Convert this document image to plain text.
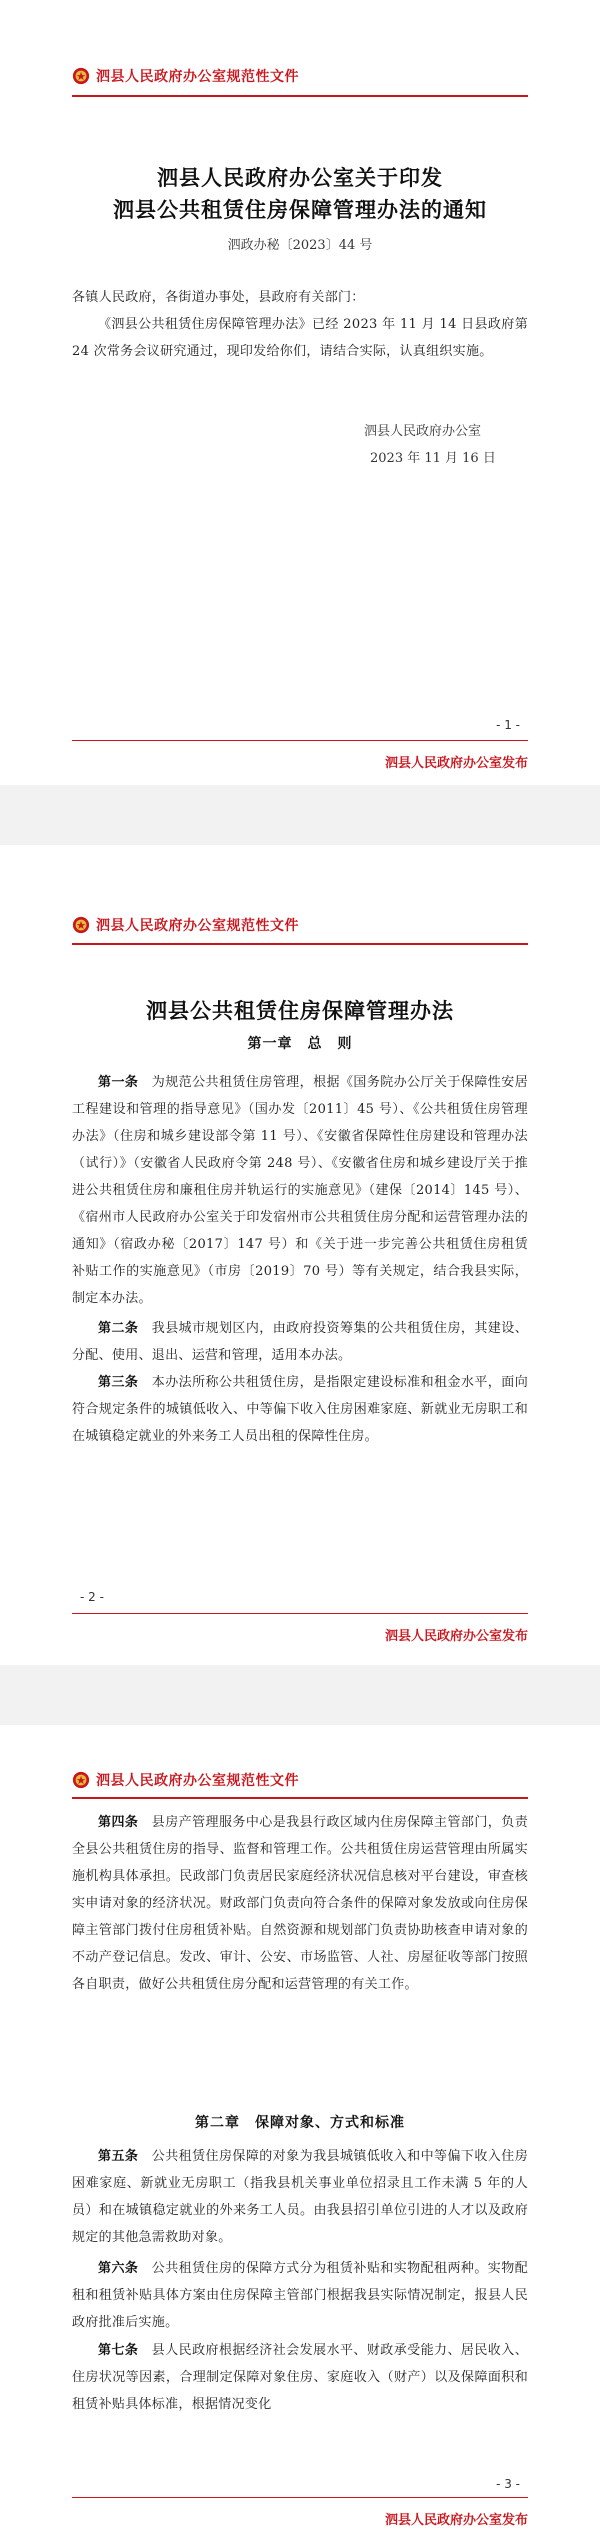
泗县人民政府办公室规范性文件
泗县人民政府办公室关于印发
泗县公共租赁住房保障管理办法的通知
泗政办秘〔2023〕44 号
各镇人民政府，各街道办事处，县政府有关部门：
《泗县公共租赁住房保障管理办法》已经 2023 年 11 月 14 日县政府第 24 次常务会议研究通过，现印发给你们，请结合实际，认真组织实施。
泗县人民政府办公室
2023 年 11 月 16 日
- 1 -
泗县人民政府办公室发布
泗县人民政府办公室规范性文件
泗县公共租赁住房保障管理办法
第一章　总　则
第一条　为规范公共租赁住房管理，根据《国务院办公厅关于保障性安居工程建设和管理的指导意见》（国办发〔2011〕45 号）、《公共租赁住房管理办法》（住房和城乡建设部令第 11 号）、《安徽省保障性住房建设和管理办法（试行）》（安徽省人民政府令第 248 号）、《安徽省住房和城乡建设厅关于推进公共租赁住房和廉租住房并轨运行的实施意见》（建保〔2014〕145 号）、《宿州市人民政府办公室关于印发宿州市公共租赁住房分配和运营管理办法的通知》（宿政办秘〔2017〕147 号）和《关于进一步完善公共租赁住房租赁补贴工作的实施意见》（市房〔2019〕70 号）等有关规定，结合我县实际，制定本办法。
第二条　我县城市规划区内，由政府投资筹集的公共租赁住房，其建设、分配、使用、退出、运营和管理，适用本办法。
第三条　本办法所称公共租赁住房，是指限定建设标准和租金水平，面向符合规定条件的城镇低收入、中等偏下收入住房困难家庭、新就业无房职工和在城镇稳定就业的外来务工人员出租的保障性住房。
- 2 -
泗县人民政府办公室发布
泗县人民政府办公室规范性文件
第四条　县房产管理服务中心是我县行政区域内住房保障主管部门，负责全县公共租赁住房的指导、监督和管理工作。公共租赁住房运营管理由所属实施机构具体承担。民政部门负责居民家庭经济状况信息核对平台建设，审查核实申请对象的经济状况。财政部门负责向符合条件的保障对象发放或向住房保障主管部门拨付住房租赁补贴。自然资源和规划部门负责协助核查申请对象的不动产登记信息。发改、审计、公安、市场监管、人社、房屋征收等部门按照各自职责，做好公共租赁住房分配和运营管理的有关工作。
第二章　保障对象、方式和标准
第五条　公共租赁住房保障的对象为我县城镇低收入和中等偏下收入住房困难家庭、新就业无房职工（指我县机关事业单位招录且工作未满 5 年的人员）和在城镇稳定就业的外来务工人员。由我县招引单位引进的人才以及政府规定的其他急需救助对象。
第六条　公共租赁住房的保障方式分为租赁补贴和实物配租两种。实物配租和租赁补贴具体方案由住房保障主管部门根据我县实际情况制定，报县人民政府批准后实施。
第七条　县人民政府根据经济社会发展水平、财政承受能力、居民收入、住房状况等因素，合理制定保障对象住房、家庭收入（财产）以及保障面积和租赁补贴具体标准，根据情况变化
- 3 -
泗县人民政府办公室发布
